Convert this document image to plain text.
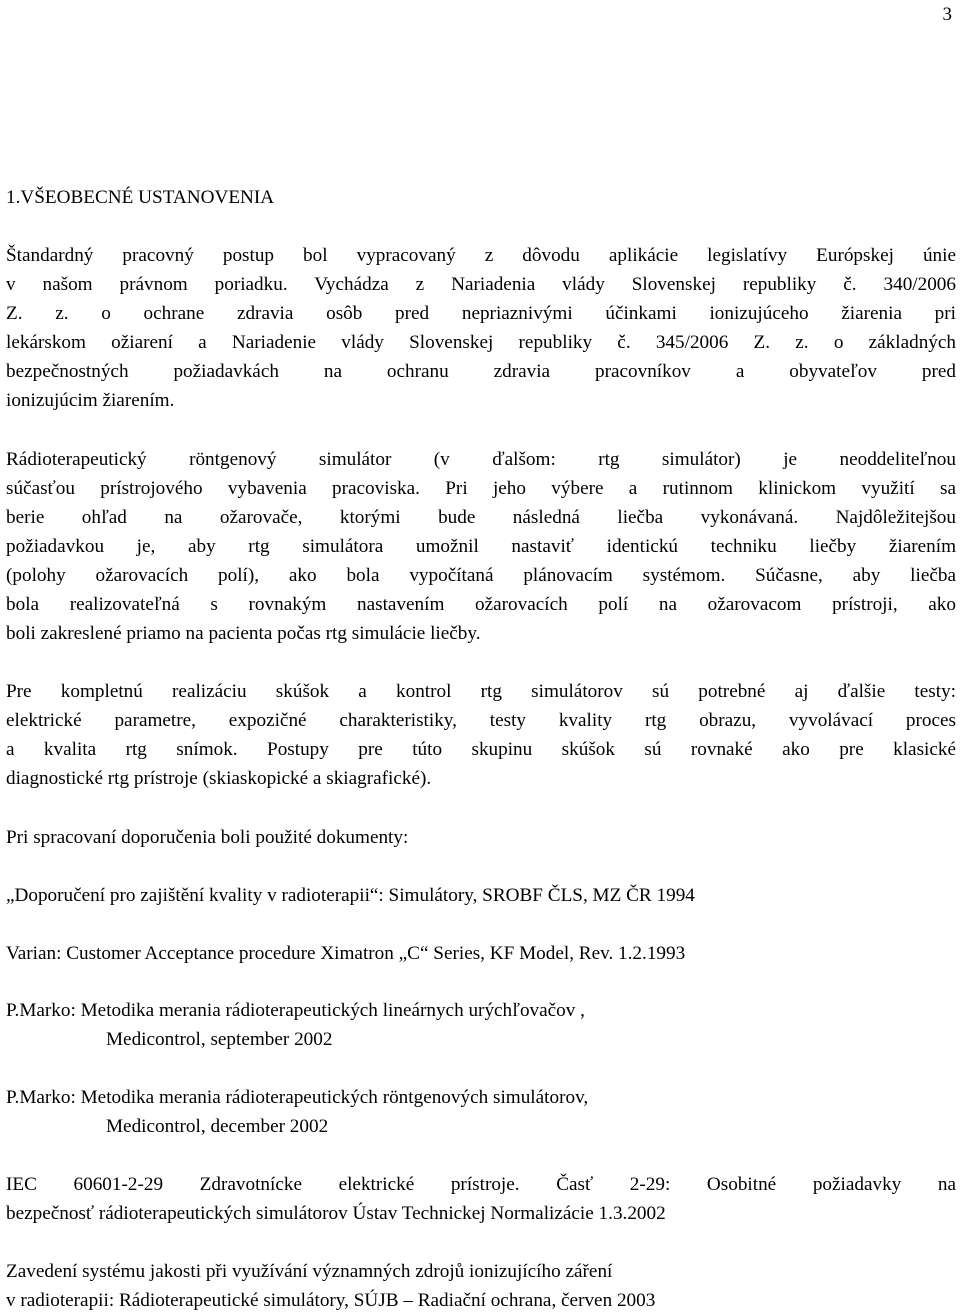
3
1.VŠEOBECNÉ USTANOVENIA
Štandardný pracovný postup bol vypracovaný z dôvodu aplikácie legislatívy Európskej únie
v našom právnom poriadku. Vychádza z Nariadenia vlády Slovenskej republiky č. 340/2006
Z. z. o ochrane zdravia osôb pred nepriaznivými účinkami ionizujúceho žiarenia pri
lekárskom ožiarení a Nariadenie vlády Slovenskej republiky č. 345/2006 Z. z. o základných
bezpečnostných požiadavkách na ochranu zdravia pracovníkov a obyvateľov pred
ionizujúcim žiarením.
Rádioterapeutický röntgenový simulátor (v ďalšom: rtg simulátor) je neoddeliteľnou
súčasťou prístrojového vybavenia pracoviska. Pri jeho výbere a rutinnom klinickom využití sa
berie ohľad na ožarovače, ktorými bude následná liečba vykonávaná. Najdôležitejšou
požiadavkou je, aby rtg simulátora umožnil nastaviť identickú techniku liečby žiarením
(polohy ožarovacích polí), ako bola vypočítaná plánovacím systémom. Súčasne, aby liečba
bola realizovateľná s rovnakým nastavením ožarovacích polí na ožarovacom prístroji, ako
boli zakreslené priamo na pacienta počas rtg simulácie liečby.
Pre kompletnú realizáciu skúšok a kontrol rtg simulátorov sú potrebné aj ďalšie testy:
elektrické parametre, expozičné charakteristiky, testy kvality rtg obrazu, vyvolávací proces
a kvalita rtg snímok. Postupy pre túto skupinu skúšok sú rovnaké ako pre klasické
diagnostické rtg prístroje (skiaskopické a skiagrafické).
Pri spracovaní doporučenia boli použité dokumenty:
„Doporučení pro zajištění kvality v radioterapii“: Simulátory, SROBF ČLS, MZ ČR 1994
Varian: Customer Acceptance procedure Ximatron „C“ Series, KF Model, Rev. 1.2.1993
P.Marko: Metodika merania rádioterapeutických lineárnych urýchľovačov ,
Medicontrol, september 2002
P.Marko: Metodika merania rádioterapeutických röntgenových simulátorov,
Medicontrol, december 2002
IEC 60601-2-29 Zdravotnícke elektrické prístroje. Časť 2-29: Osobitné požiadavky na
bezpečnosť rádioterapeutických simulátorov Ústav Technickej Normalizácie 1.3.2002
Zavedení systému jakosti při využívání významných zdrojů ionizujícího záření
v radioterapii: Rádioterapeutické simulátory, SÚJB – Radiační ochrana, červen 2003
